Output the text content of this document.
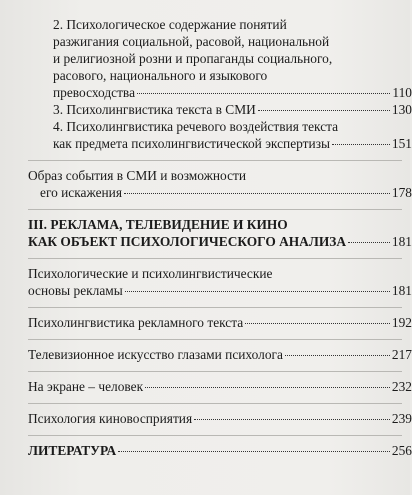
2. Психологическое содержание понятий
разжигания социальной, расовой, национальной
и религиозной розни и пропаганды социального,
расового, национального и языкового
превосходства	110
3. Психолингвистика текста в СМИ	130
4. Психолингвистика речевого воздействия текста
как предмета психолингвистической экспертизы	151
Образ события в СМИ и возможности
его искажения	178
III. РЕКЛАМА, ТЕЛЕВИДЕНИЕ И КИНО
КАК ОБЪЕКТ ПСИХОЛОГИЧЕСКОГО АНАЛИЗА	181
Психологические и психолингвистические
основы рекламы	181
Психолингвистика рекламного текста	192
Телевизионное искусство глазами психолога	217
На экране – человек	232
Психология киновосприятия	239
ЛИТЕРАТУРА	256
